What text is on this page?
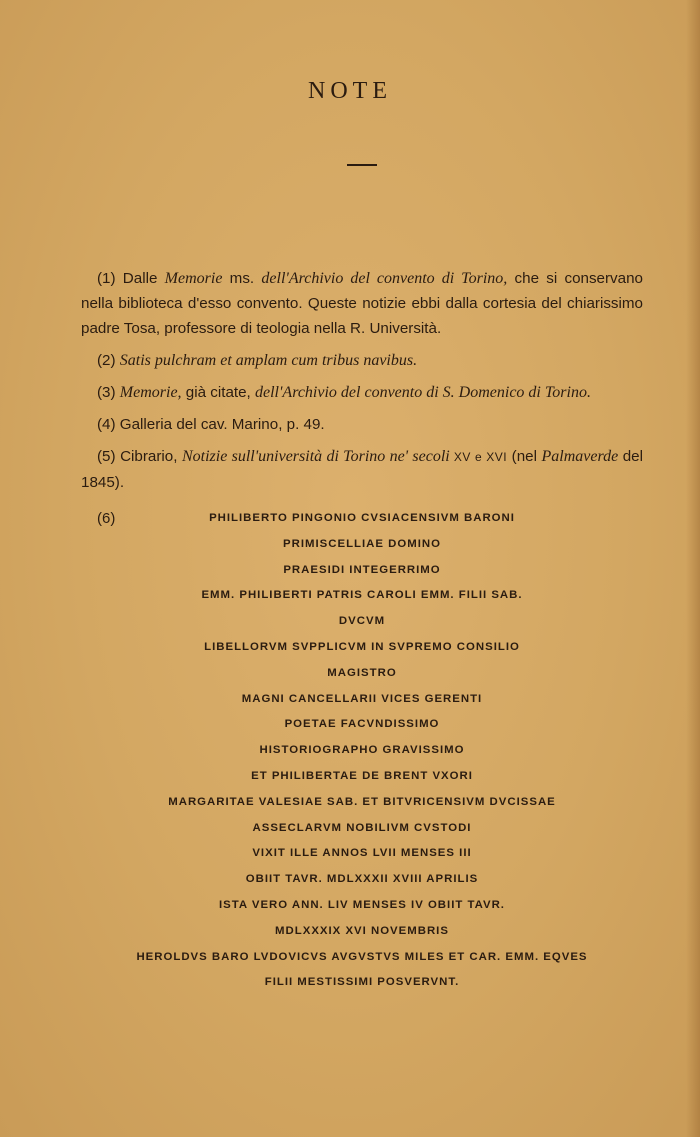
NOTE

(1) Dalle Memorie ms. dell'Archivio del convento di Torino, che si conservano nella biblioteca d'esso convento. Queste notizie ebbi dalla cortesia del chiarissimo padre Tosa, professore di teologia nella R. Università.

(2) Satis pulchram et amplam cum tribus navibus.

(3) Memorie, già citate, dell'Archivio del convento di S. Domenico di Torino.

(4) Galleria del cav. Marino, p. 49.

(5) Cibrario, Notizie sull'università di Torino ne' secoli XV e XVI (nel Palmaverde del 1845).

(6)	PHILIBERTO PINGONIO CVSIACENSIVM BARONI

PRIMISCELLIAE DOMINO

PRAESIDI INTEGERRIMO

EMM. PHILIBERTI PATRIS CAROLI EMM. FILII SAB.

DVCVM

LIBELLORVM SVPPLICVM IN SVPREMO CONSILIO

MAGISTRO

MAGNI CANCELLARII VICES GERENTI

POETAE FACVNDISSIMO

HISTORIOGRAPHO GRAVISSIMO

ET PHILIBERTAE DE BRENT VXORI

MARGARITAE VALESIAE SAB. ET BITVRICENSIVM DVCISSAE

ASSECLARVM NOBILIVM CVSTODI

VIXIT ILLE ANNOS LVII MENSES III

OBIIT TAVR. MDLXXXII XVIII APRILIS

ISTA VERO ANN. LIV MENSES IV OBIIT TAVR.

MDLXXXIX XVI NOVEMBRIS

HEROLDVS BARO LVDOVICVS AVGVSTVS MILES ET CAR. EMM. EQVES

FILII MESTISSIMI POSVERVNT.
